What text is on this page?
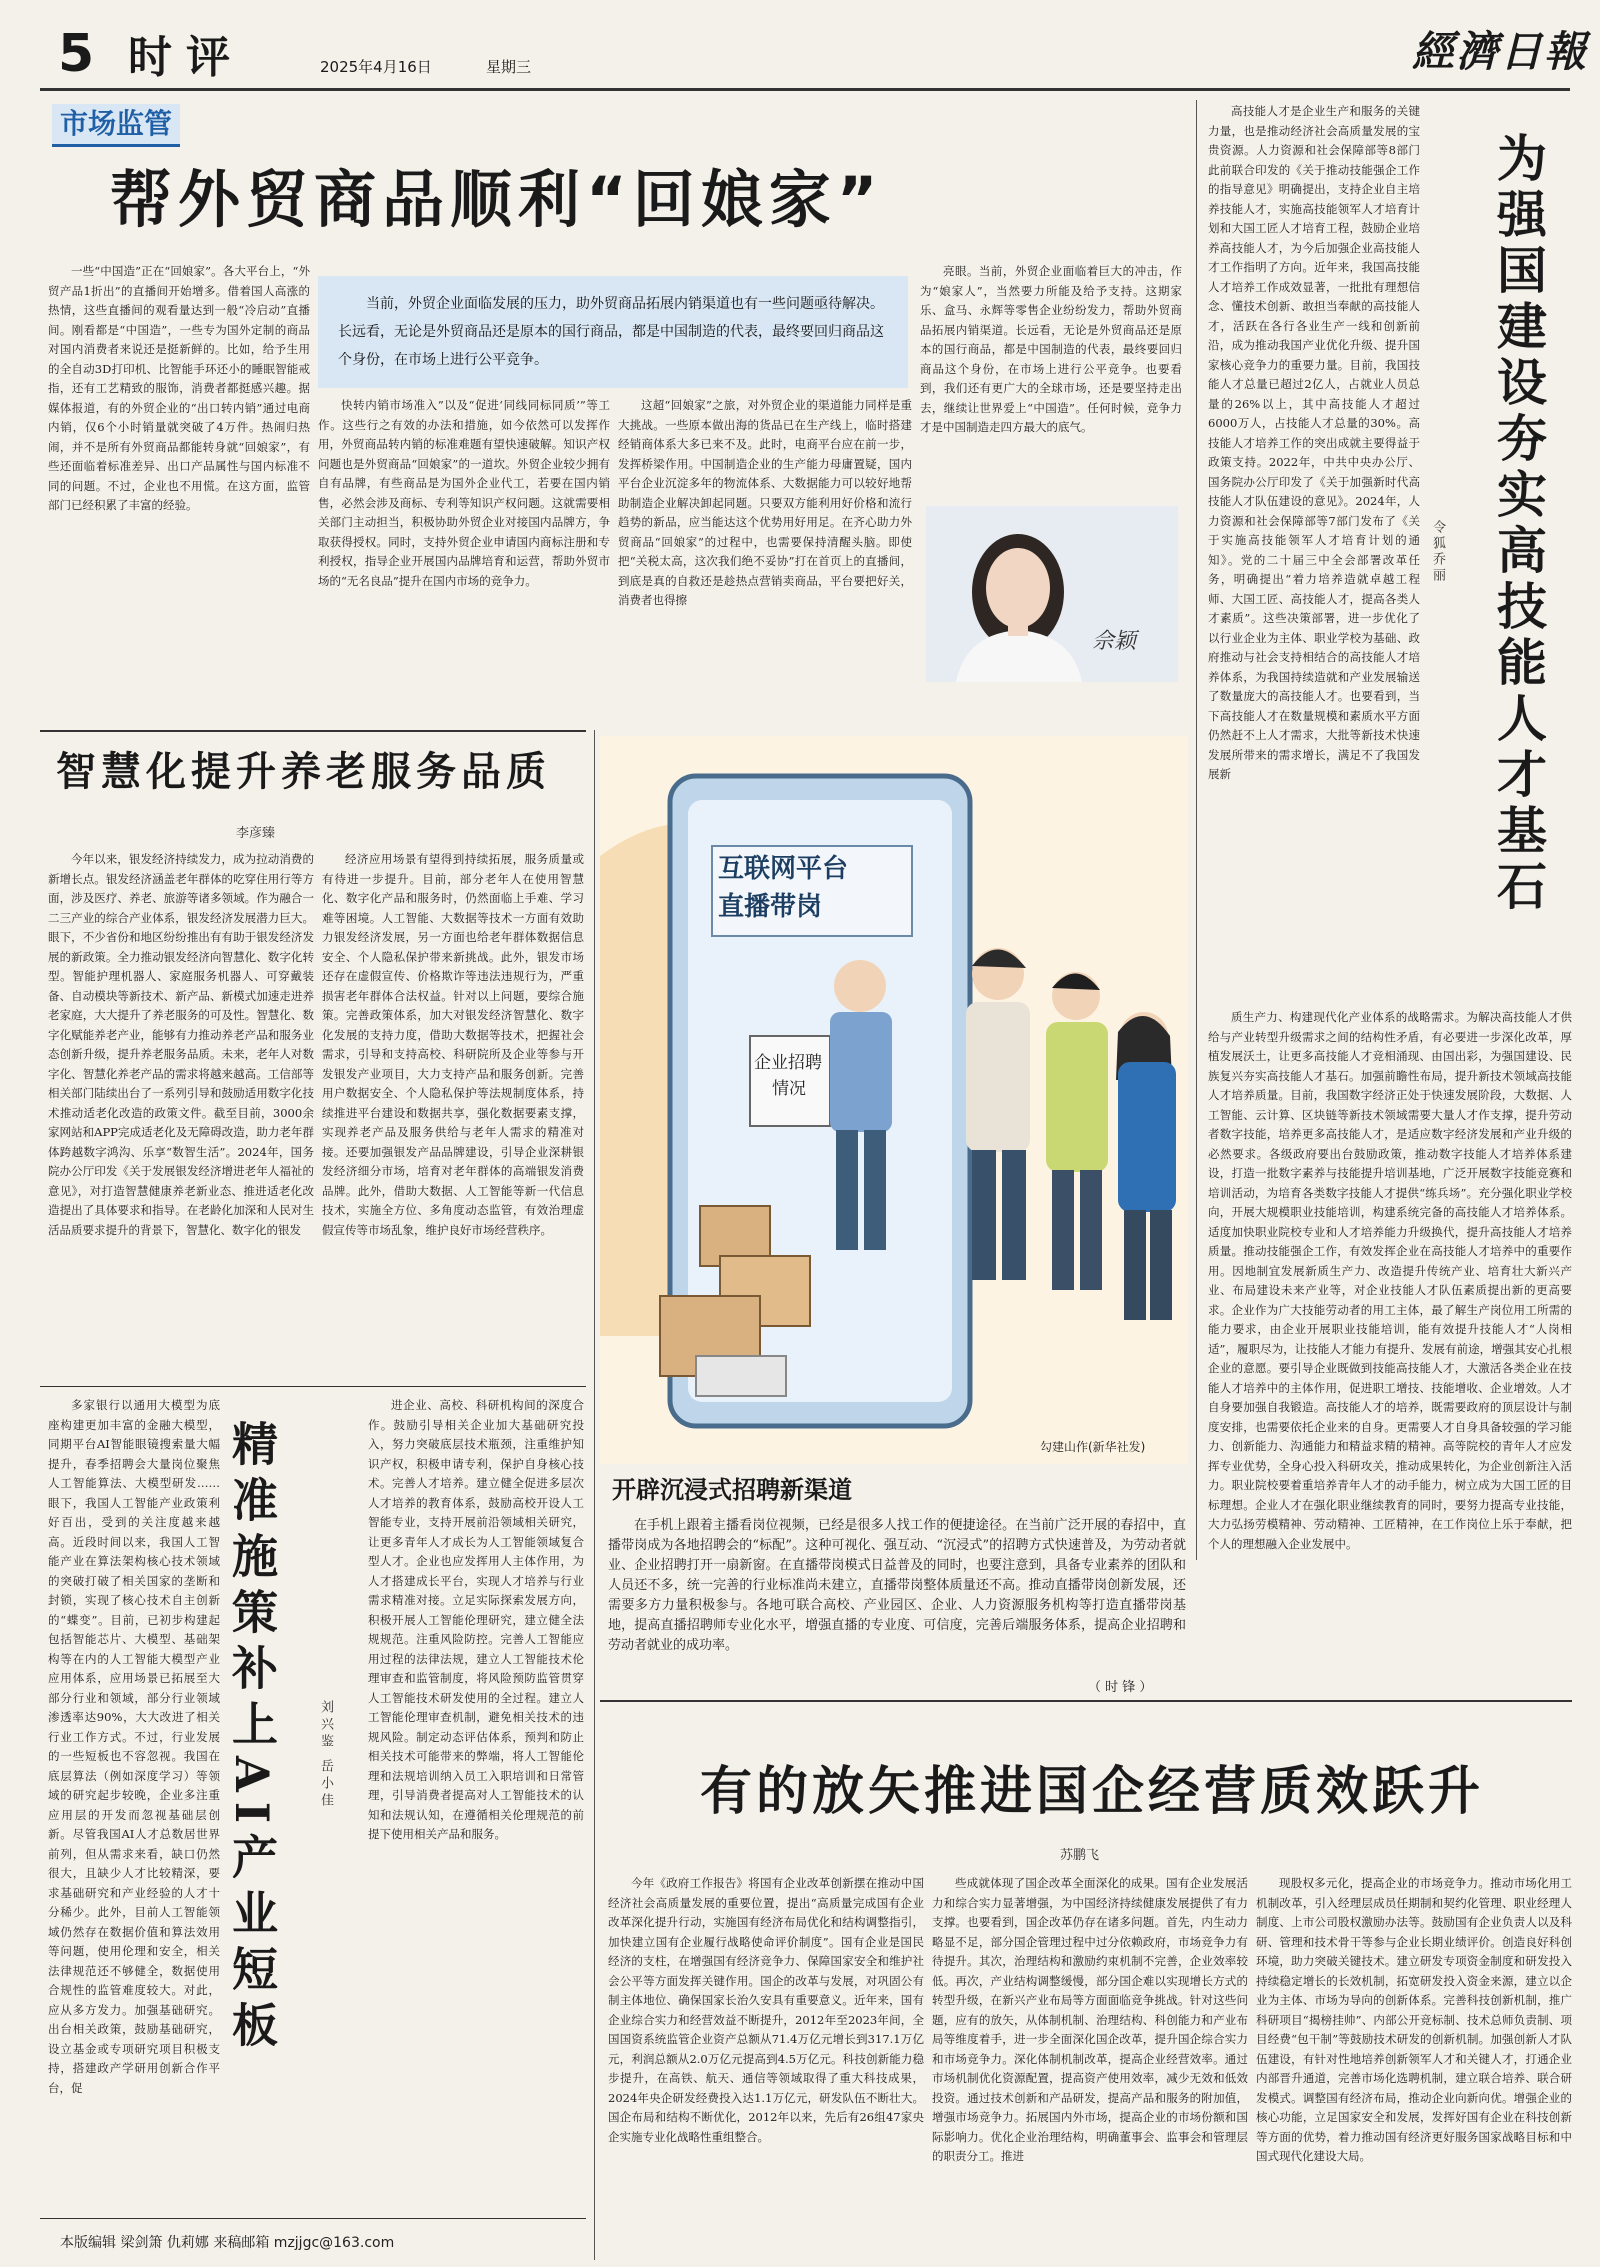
5 时评	2025年4月16日	星期三	經濟日報
市场监管
帮外贸商品顺利“回娘家”
当前，外贸企业面临发展的压力，助外贸商品拓展内销渠道也有一些问题亟待解决。长远看，无论是外贸商品还是原本的国行商品，都是中国制造的代表，最终要回归商品这个身份，在市场上进行公平竞争。

一些“中国造”正在“回娘家”。各大平台上，“外贸产品1折出”的直播间开始增多。借着国人高涨的热情，这些直播间的观看量达到一般“冷启动”直播间。刚看都是“中国造”，一些专为国外定制的商品对国内消费者来说还是挺新鲜的。比如，给予生用的全自动3D打印机、比智能手环还小的睡眠智能戒指，还有工艺精致的服饰，消费者都挺感兴趣。据媒体报道，有的外贸企业的“出口转内销”通过电商内销，仅6个小时销量就突破了4万件。热闹归热闹，并不是所有外贸商品都能转身就“回娘家”，有些还面临着标准差异、出口产品属性与国内标准不同的问题。不过，企业也不用慌。在这方面，监管部门已经积累了丰富的经验。

快转内销市场准入”以及“促进‘同线同标同质’”等工作。这些行之有效的办法和措施，如今依然可以发挥作用，外贸商品转内销的标准难题有望快速破解。知识产权问题也是外贸商品“回娘家”的一道坎。外贸企业较少拥有自有品牌，有些商品是为国外企业代工，若要在国内销售，必然会涉及商标、专利等知识产权问题。这就需要相关部门主动担当，积极协助外贸企业对接国内品牌方，争取获得授权。同时，支持外贸企业申请国内商标注册和专利授权，指导企业开展国内品牌培育和运营，帮助外贸市场的“无名良品”提升在国内市场的竞争力。

这超“回娘家”之旅，对外贸企业的渠道能力同样是重大挑战。一些原本做出海的货品已在生产线上，临时搭建经销商体系大多已来不及。此时，电商平台应在前一步，发挥桥梁作用。中国制造企业的生产能力母庸置疑，国内平台企业沉淀多年的物流体系、大数据能力可以较好地帮助制造企业解决卸起同题。只要双方能利用好价格和流行趋势的新品，应当能达这个优势用好用足。在齐心助力外贸商品“回娘家”的过程中，也需要保持清醒头脑。即使把“关税太高，这次我们绝不妥协”打在首页上的直播间，到底是真的自救还是趁热点营销卖商品，平台要把好关，消费者也得擦

亮眼。当前，外贸企业面临着巨大的冲击，作为“娘家人”，当然要力所能及给予支持。这期家乐、盒马、永辉等零售企业纷纷发力，帮助外贸商品拓展内销渠道。长远看，无论是外贸商品还是原本的国行商品，都是中国制造的代表，最终要回归商品这个身份，在市场上进行公平竞争。也要看到，我们还有更广大的全球市场，还是要坚持走出去，继续让世界爱上“中国造”。任何时候，竞争力才是中国制造走四方最大的底气。

佘颖

高技能人才是企业生产和服务的关键力量，也是推动经济社会高质量发展的宝贵资源。人力资源和社会保障部等8部门此前联合印发的《关于推动技能强企工作的指导意见》明确提出，支持企业自主培养技能人才，实施高技能领军人才培育计划和大国工匠人才培育工程，鼓励企业培养高技能人才，为今后加强企业高技能人才工作指明了方向。近年来，我国高技能人才培养工作成效显著，一批批有理想信念、懂技术创新、敢担当奉献的高技能人才，活跃在各行各业生产一线和创新前沿，成为推动我国产业优化升级、提升国家核心竞争力的重要力量。目前，我国技能人才总量已超过2亿人，占就业人员总量的26%以上，其中高技能人才超过6000万人，占技能人才总量的30%。高技能人才培养工作的突出成就主要得益于政策支持。2022年，中共中央办公厅、国务院办公厅印发了《关于加强新时代高技能人才队伍建设的意见》。2024年，人力资源和社会保障部等7部门发布了《关于实施高技能领军人才培育计划的通知》。党的二十届三中全会部署改革任务，明确提出“着力培养造就卓越工程师、大国工匠、高技能人才，提高各类人才素质”。这些决策部署，进一步优化了以行业企业为主体、职业学校为基础、政府推动与社会支持相结合的高技能人才培养体系，为我国持续造就和产业发展输送了数量庞大的高技能人才。也要看到，当下高技能人才在数量规模和素质水平方面仍然赶不上人才需求，大批等新技术快速发展所带来的需求增长，满足不了我国发展新	为强国建设夯实高技能人才基石
令狐乔丽

质生产力、构建现代化产业体系的战略需求。为解决高技能人才供给与产业转型升级需求之间的结构性矛盾，有必要进一步深化改革，厚植发展沃土，让更多高技能人才竞相涌现、由国出彩，为强国建设、民族复兴夯实高技能人才基石。加强前瞻性布局，提升新技术领域高技能人才培养质量。目前，我国数字经济正处于快速发展阶段，大数据、人工智能、云计算、区块链等新技术领域需要大量人才作支撑，提升劳动者数字技能，培养更多高技能人才，是适应数字经济发展和产业升级的必然要求。各级政府要出台鼓励政策，推动数字技能人才培养体系建设，打造一批数字素养与技能提升培训基地，广泛开展数字技能竞赛和培训活动，为培育各类数字技能人才提供“练兵场”。充分强化职业学校向，开展大规模职业技能培训，构建系统完备的高技能人才培养体系。适度加快职业院校专业和人才培养能力升级换代，提升高技能人才培养质量。推动技能强企工作，有效发挥企业在高技能人才培养中的重要作用。因地制宜发展新质生产力、改造提升传统产业、培育壮大新兴产业、布局建设未来产业等，对企业技能人才队伍素质提出新的更高要求。企业作为广大技能劳动者的用工主体，最了解生产岗位用工所需的能力要求，由企业开展职业技能培训，能有效提升技能人才“人岗相适”，履职尽为，让技能人才能力有提升、发展有前途，增强其安心扎根企业的意愿。要引导企业既做到技能高技能人才，大激活各类企业在技能人才培养中的主体作用，促进职工增技、技能增收、企业增效。人才自身要加强自我锻造。高技能人才的培养，既需要政府的顶层设计与制度安排，也需要依托企业来的自身。更需要人才自身具备较强的学习能力、创新能力、沟通能力和精益求精的精神。高等院校的青年人才应发挥专业优势，全身心投入科研攻关，推动成果转化，为企业创新注入活力。职业院校要着重培养青年人才的动手能力，树立成为大国工匠的目标理想。企业人才在强化职业继续教育的同时，要努力提高专业技能，大力弘扬劳模精神、劳动精神、工匠精神，在工作岗位上乐于奉献，把个人的理想融入企业发展中。

智慧化提升养老服务品质
李彦臻

今年以来，银发经济持续发力，成为拉动消费的新增长点。银发经济涵盖老年群体的吃穿住用行等方面，涉及医疗、养老、旅游等诸多领域。作为融合一二三产业的综合产业体系，银发经济发展潜力巨大。眼下，不少省份和地区纷纷推出有有助于银发经济发展的新政策。全力推动银发经济向智慧化、数字化转型。智能护理机器人、家庭服务机器人、可穿戴装备、自动模块等新技术、新产品、新模式加速走进养老家庭，大大提升了养老服务的可及性。智慧化、数字化赋能养老产业，能够有力推动养老产品和服务业态创新升级，提升养老服务品质。未来，老年人对数字化、智慧化养老产品的需求将越来越高。工信部等相关部门陆续出台了一系列引导和鼓励适用数字化技术推动适老化改造的政策文件。截至目前，3000余家网站和APP完成适老化及无障碍改造，助力老年群体跨越数字鸿沟、乐享“数智生活”。2024年，国务院办公厅印发《关于发展银发经济增进老年人福祉的意见》，对打造智慧健康养老新业态、推进适老化改造提出了具体要求和指导。在老龄化加深和人民对生活品质要求提升的背景下，智慧化、数字化的银发

经济应用场景有望得到持续拓展，服务质量或有待进一步提升。目前，部分老年人在使用智慧化、数字化产品和服务时，仍然面临上手难、学习难等困境。人工智能、大数据等技术一方面有效助力银发经济发展，另一方面也给老年群体数据信息安全、个人隐私保护带来新挑战。此外，银发市场还存在虚假宣传、价格欺诈等违法违规行为，严重损害老年群体合法权益。针对以上问题，要综合施策。完善政策体系，加大对银发经济智慧化、数字化发展的支持力度，借助大数据等技术，把握社会需求，引导和支持高校、科研院所及企业等参与开发银发产业项目，大力支持产品和服务创新。完善用户数据安全、个人隐私保护等法规制度体系，持续推进平台建设和数据共享，强化数据要素支撑，实现养老产品及服务供给与老年人需求的精准对接。还要加强银发产品品牌建设，引导企业深耕银发经济细分市场，培育对老年群体的高端银发消费品牌。此外，借助大数据、人工智能等新一代信息技术，实施全方位、多角度动态监管，有效治理虚假宣传等市场乱象，维护良好市场经营秩序。

多家银行以通用大模型为底座构建更加丰富的金融大模型，同期平台AI智能眼镜搜索量大幅提升，春季招聘会大量岗位聚焦人工智能算法、大模型研发……眼下，我国人工智能产业政策利好百出，受到的关注度越来越高。近段时间以来，我国人工智能产业在算法架构核心技术领域的突破打破了相关国家的垄断和封锁，实现了核心技术自主创新的“蝶变”。目前，已初步构建起包括智能芯片、大模型、基础架构等在内的人工智能大模型产业应用体系，应用场景已拓展至大部分行业和领域，部分行业领域渗透率达90%，大大改进了相关行业工作方式。不过，行业发展的一些短板也不容忽视。我国在底层算法（例如深度学习）等领域的研究起步较晚，企业多注重应用层的开发而忽视基础层创新。尽管我国AI人才总数居世界前列，但从需求来看，缺口仍然很大，且缺少人才比较精深，要求基础研究和产业经验的人才十分稀少。此外，目前人工智能领域仍然存在数据价值和算法效用等问题，使用伦理和安全，相关法律规范还不够健全，数据使用合规性的监管难度较大。对此，应从多方发力。加强基础研究。出台相关政策，鼓励基础研究，设立基金或专项研究项目积极支持，搭建政产学研用创新合作平台，促

精准施策补上AI产业短板	刘兴鉴 岳小佳

进企业、高校、科研机构间的深度合作。鼓励引导相关企业加大基础研究投入，努力突破底层技术瓶颈，注重维护知识产权，积极申请专利，保护自身核心技术。完善人才培养。建立健全促进多层次人才培养的教育体系，鼓励高校开设人工智能专业，支持开展前沿领域相关研究，让更多青年人才成长为人工智能领域复合型人才。企业也应发挥用人主体作用，为人才搭建成长平台，实现人才培养与行业需求精准对接。立足实际探索发展方向，积极开展人工智能伦理研究，建立健全法规规范。注重风险防控。完善人工智能应用过程的法律法规，建立人工智能技术伦理审查和监管制度，将风险预防监管贯穿人工智能技术研发使用的全过程。建立人工智能伦理审查机制，避免相关技术的违规风险。制定动态评估体系，预判和防止相关技术可能带来的弊端，将人工智能伦理和法规培训纳入员工入职培训和日常管理，引导消费者提高对人工智能技术的认知和法规认知，在遵循相关伦理规范的前提下使用相关产品和服务。

互联网平台
直播带岗
企业招聘
情况
勾建山作(新华社发)
开辟沉浸式招聘新渠道

在手机上跟着主播看岗位视频，已经是很多人找工作的便捷途径。在当前广泛开展的春招中，直播带岗成为各地招聘会的“标配”。这种可视化、强互动、“沉浸式”的招聘方式快速普及，为劳动者就业、企业招聘打开一扇新窗。在直播带岗模式日益普及的同时，也要注意到，具备专业素养的团队和人员还不多，统一完善的行业标准尚未建立，直播带岗整体质量还不高。推动直播带岗创新发展，还需要多方力量积极参与。各地可联合高校、产业园区、企业、人力资源服务机构等打造直播带岗基地，提高直播招聘师专业化水平，增强直播的专业度、可信度，完善后端服务体系，提高企业招聘和劳动者就业的成功率。

（ 时 锋 ）
有的放矢推进国企经营质效跃升
苏鹏飞

今年《政府工作报告》将国有企业改革创新摆在推动中国经济社会高质量发展的重要位置，提出“高质量完成国有企业改革深化提升行动，实施国有经济布局优化和结构调整指引，加快建立国有企业履行战略使命评价制度”。国有企业是国民经济的支柱，在增强国有经济竞争力、保障国家安全和维护社会公平等方面发挥关键作用。国企的改革与发展，对巩固公有制主体地位、确保国家长治久安具有重要意义。近年来，国有企业综合实力和经营效益不断提升，2012年至2023年间，全国国资系统监管企业资产总额从71.4万亿元增长到317.1万亿元，利润总额从2.0万亿元提高到4.5万亿元。科技创新能力稳步提升，在高铁、航天、通信等领域取得了重大科技成果，2024年央企研发经费投入达1.1万亿元，研发队伍不断壮大。国企布局和结构不断优化，2012年以来，先后有26组47家央企实施专业化战略性重组整合。

些成就体现了国企改革全面深化的成果。国有企业发展活力和综合实力显著增强，为中国经济持续健康发展提供了有力支撑。也要看到，国企改革仍存在诸多问题。首先，内生动力略显不足，部分国企管理过程中过分依赖政府，市场竞争力有待提升。其次，治理结构和激励约束机制不完善，企业效率较低。再次，产业结构调整缓慢，部分国企难以实现增长方式的转型升级，在新兴产业布局等方面面临竞争挑战。针对这些问题，应有的放矢，从体制机制、治理结构、科创能力和产业布局等维度着手，进一步全面深化国企改革，提升国企综合实力和市场竞争力。深化体制机制改革，提高企业经营效率。通过市场机制优化资源配置，提高资产使用效率，减少无效和低效投资。通过技术创新和产品研发，提高产品和服务的附加值，增强市场竞争力。拓展国内外市场，提高企业的市场份额和国际影响力。优化企业治理结构，明确董事会、监事会和管理层的职责分工。推进

现股权多元化，提高企业的市场竞争力。推动市场化用工机制改革，引入经理层成员任期制和契约化管理、职业经理人制度、上市公司股权激励办法等。鼓励国有企业负责人以及科研、管理和技术骨干等参与企业长期业绩评价。创造良好科创环境，助力突破关键技术。建立研发专项资金制度和研发投入持续稳定增长的长效机制，拓宽研发投入资金来源，建立以企业为主体、市场为导向的创新体系。完善科技创新机制，推广科研项目“揭榜挂帅”、内部公开竞标制、技术总师负责制、项目经费“包干制”等鼓励技术研发的创新机制。加强创新人才队伍建设，有针对性地培养创新领军人才和关键人才，打通企业内部晋升通道，完善市场化选聘机制，建立联合培养、联合研发模式。调整国有经济布局，推动企业向新向优。增强企业的核心功能，立足国家安全和发展，发挥好国有企业在科技创新等方面的优势，着力推动国有经济更好服务国家战略目标和中国式现代化建设大局。

本版编辑 梁剑箫 仇莉娜 来稿邮箱 mzjjgc@163.com
